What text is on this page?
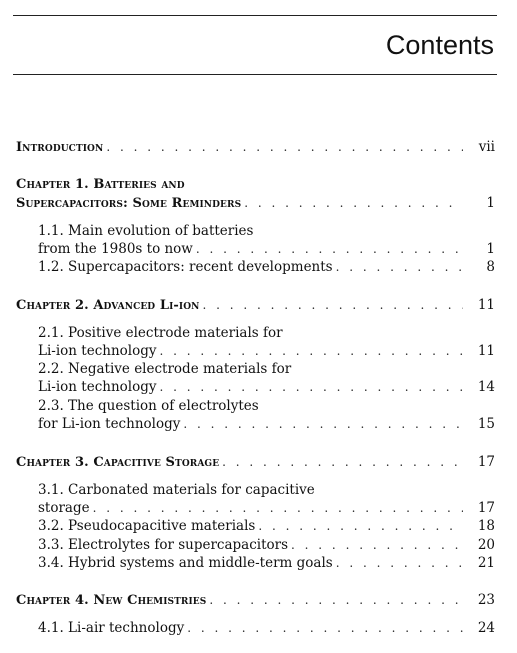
Contents
Introduction . . .	vii
Chapter 1. Batteries and
Supercapacitors: Some Reminders . . .	1
1.1. Main evolution of batteries
from the 1980s to now . . .	1
1.2. Supercapacitors: recent developments . . .	8
Chapter 2. Advanced Li-ion . . .	11
2.1. Positive electrode materials for
Li-ion technology . . .	11
2.2. Negative electrode materials for
Li-ion technology . . .	14
2.3. The question of electrolytes
for Li-ion technology . . .	15
Chapter 3. Capacitive Storage . . .	17
3.1. Carbonated materials for capacitive
storage . . .	17
3.2. Pseudocapacitive materials . . .	18
3.3. Electrolytes for supercapacitors . . .	20
3.4. Hybrid systems and middle-term goals . . .	21
Chapter 4. New Chemistries . . .	23
4.1. Li-air technology . . .	24
